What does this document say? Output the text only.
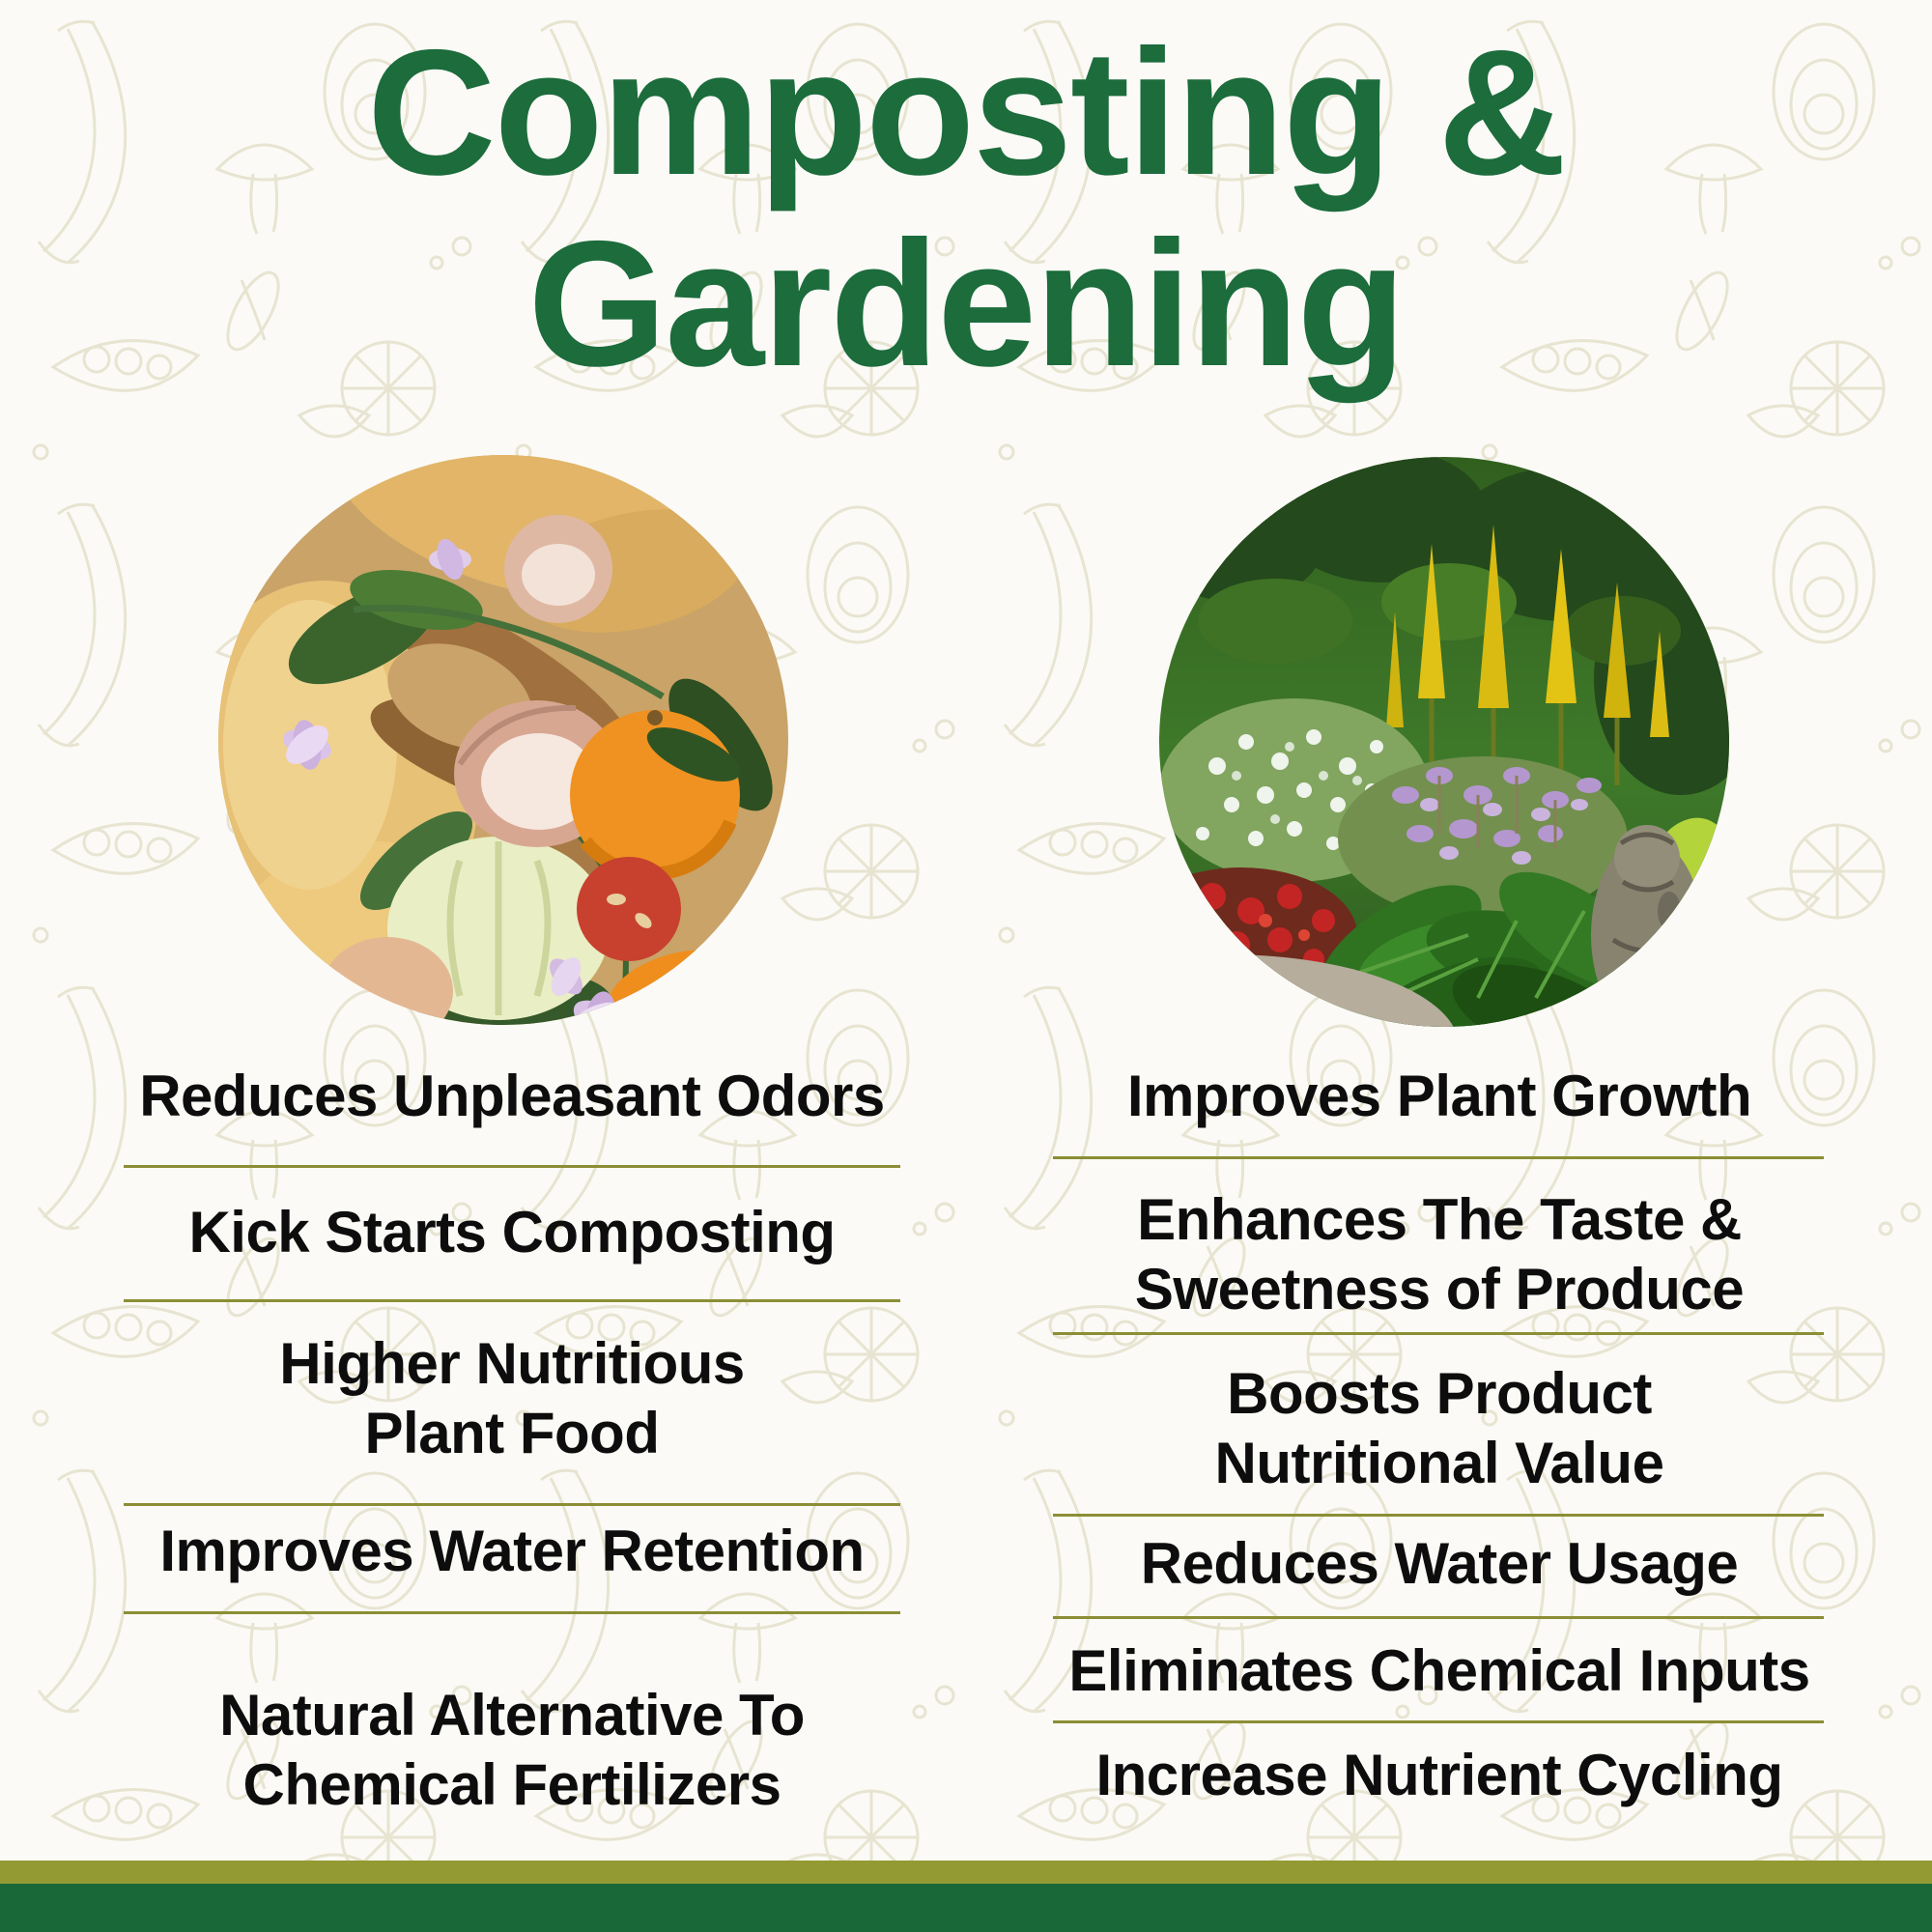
Composting &
Gardening
Reduces Unpleasant Odors
Kick Starts Composting
Higher Nutritious
Plant Food
Improves Water Retention
Natural Alternative To
Chemical Fertilizers
Improves Plant Growth
Enhances The Taste &
Sweetness of Produce
Boosts Product
Nutritional Value
Reduces Water Usage
Eliminates Chemical Inputs
Increase Nutrient Cycling
